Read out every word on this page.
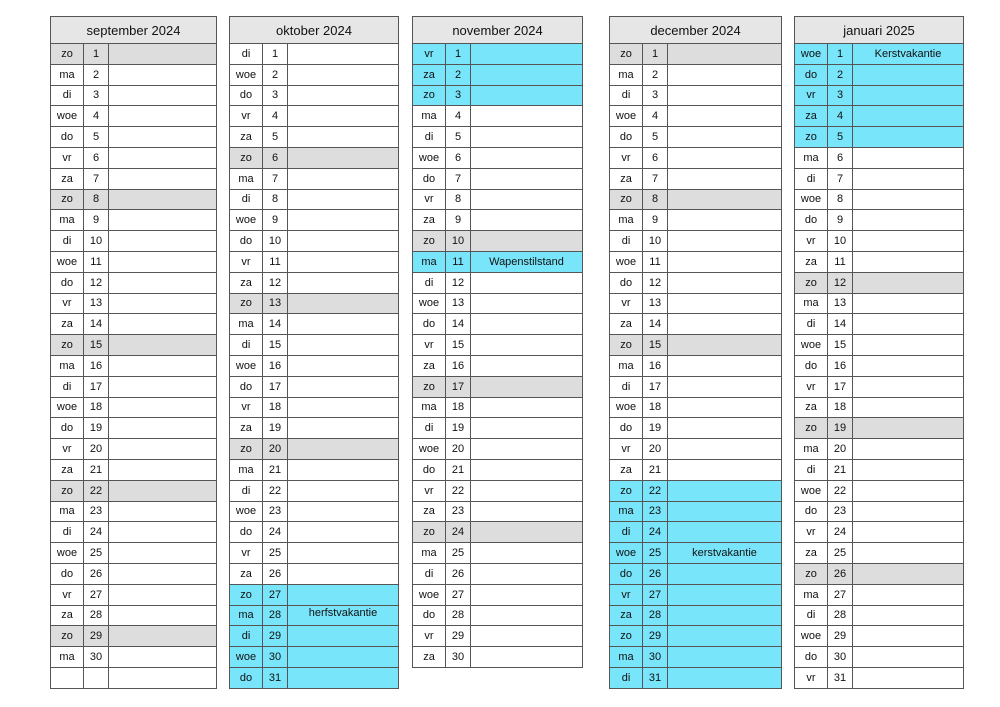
september 2024
zo	1
ma	2
di	3
woe	4
do	5
vr	6
za	7
zo	8
ma	9
di	10
woe	11
do	12
vr	13
za	14
zo	15
ma	16
di	17
woe	18
do	19
vr	20
za	21
zo	22
ma	23
di	24
woe	25
do	26
vr	27
za	28
zo	29
ma	30
oktober 2024
di	1
woe	2
do	3
vr	4
za	5
zo	6
ma	7
di	8
woe	9
do	10
vr	11
za	12
zo	13
ma	14
di	15
woe	16
do	17
vr	18
za	19
zo	20
ma	21
di	22
woe	23
do	24
vr	25
za	26
zo	27
ma	28	herfstvakantie
di	29
woe	30
do	31
november 2024
vr	1
za	2
zo	3
ma	4
di	5
woe	6
do	7
vr	8
za	9
zo	10
ma	11	Wapenstilstand
di	12
woe	13
do	14
vr	15
za	16
zo	17
ma	18
di	19
woe	20
do	21
vr	22
za	23
zo	24
ma	25
di	26
woe	27
do	28
vr	29
za	30
december 2024
zo	1
ma	2
di	3
woe	4
do	5
vr	6
za	7
zo	8
ma	9
di	10
woe	11
do	12
vr	13
za	14
zo	15
ma	16
di	17
woe	18
do	19
vr	20
za	21
zo	22
ma	23
di	24
woe	25	kerstvakantie
do	26
vr	27
za	28
zo	29
ma	30
di	31
januari 2025
woe	1	Kerstvakantie
do	2
vr	3
za	4
zo	5
ma	6
di	7
woe	8
do	9
vr	10
za	11
zo	12
ma	13
di	14
woe	15
do	16
vr	17
za	18
zo	19
ma	20
di	21
woe	22
do	23
vr	24
za	25
zo	26
ma	27
di	28
woe	29
do	30
vr	31
